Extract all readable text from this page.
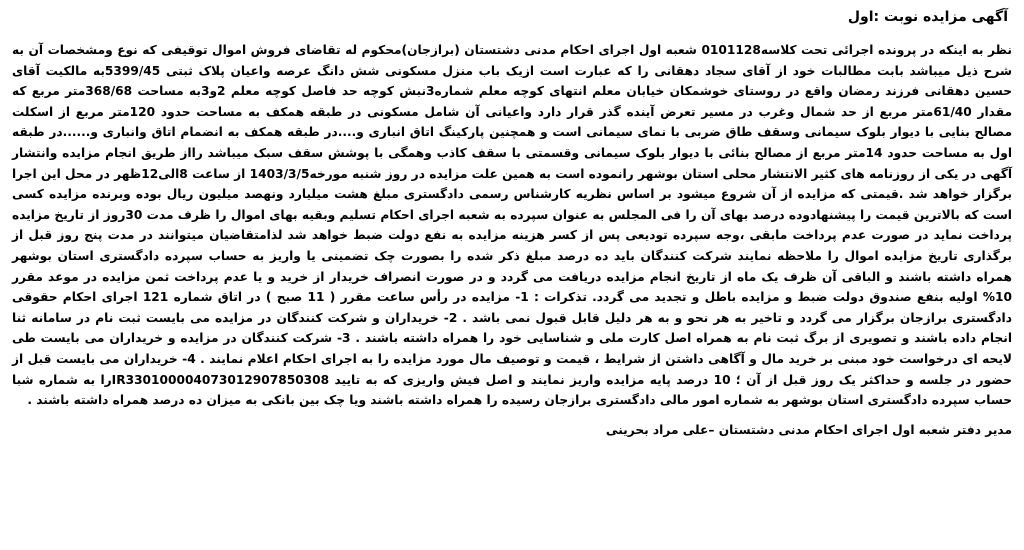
آگهی مزایده نوبت :اول
نظر به اینکه در پرونده اجرائی تحت کلاسه0101128 شعبه اول اجرای احکام مدنی دشتستان (برازجان)محکوم له تقاضای فروش اموال توقیفی که نوع ومشخصات آن به شرح ذیل میباشد بابت مطالبات خود از آقای سجاد دهقانی را که عبارت است ازیک باب منزل مسکونی شش دانگ عرصه واعیان پلاک ثبتی 5399/45به مالکیت آقای حسین دهقانی فرزند رمضان واقع در روستای خوشمکان خیابان معلم انتهای کوچه معلم شماره3نبش کوچه حد فاصل کوچه معلم 2و3به مساحت 368/68متر مربع که مقدار 61/40متر مربع از حد شمال وغرب در مسیر تعرض آینده گذر قرار دارد واعیانی آن شامل مسکونی در طبقه همکف به مساحت حدود 120متر مربع از اسکلت مصالح بنایی با دیوار بلوک سیمانی وسقف طاق ضربی با نمای سیمانی است و همچنین پارکینگ اتاق انباری و....در طبقه همکف به انضمام اتاق وانباری و......در طبقه اول به مساحت حدود 14متر مربع از مصالح بنائی با دیوار بلوک سیمانی وقسمتی با سقف کاذب وهمگی با پوشش سقف سبک میباشد رااز طریق انجام مزایده وانتشار آگهی در یکی از روزنامه های کثیر الانتشار محلی استان بوشهر رانموده است به همین علت مزایده در روز شنبه مورخه1403/3/5 از ساعت 8الی12ظهر در محل این اجرا برگزار خواهد شد .قیمتی که مزایده از آن شروع میشود بر اساس نظریه کارشناس رسمی دادگستری مبلغ هشت میلیارد ونهصد میلیون ریال بوده وبرنده مزایده کسی است که بالاترین قیمت را پیشنهادوده درصد بهای آن را فی المجلس به عنوان سپرده به شعبه اجرای احکام تسلیم وبقیه بهای اموال را ظرف مدت 30روز از تاریخ مزایده پرداخت نماید در صورت عدم پرداخت مابقی ،وجه سپرده تودیعی پس از کسر هزینه مزایده به نفع دولت ضبط خواهد شد لذامتقاضیان میتوانند در مدت پنج روز قبل از برگذاری تاریخ مزایده اموال را ملاحظه نمایند شرکت کنندگان باید ده درصد مبلغ ذکر شده را بصورت چک تضمینی یا واریز به حساب سپرده دادگستری استان بوشهر همراه داشته باشند و الباقی آن ظرف یک ماه از تاریخ انجام مزایده دریافت می گردد و در صورت انصراف خریدار از خرید و یا عدم پرداخت ثمن مزایده در موعد مقرر 10% اولیه بنفع صندوق دولت ضبط و مزایده باطل و تجدید می گردد. تذکرات : 1- مزایده در رأس ساعت مقرر ( 11 صبح ) در اتاق شماره 121 اجرای احکام حقوقی دادگستری برازجان برگزار می گردد و تاخیر به هر نحو و به هر دلیل قابل قبول نمی باشد . 2- خریداران و شرکت کنندگان در مزایده می بایست ثبت نام در سامانه ثنا انجام داده باشند و تصویری از برگ ثبت نام به همراه اصل کارت ملی و شناسایی خود را همراه داشته باشند . 3- شرکت کنندگان در مزایده و خریداران می بایست طی لایحه ای درخواست خود مبنی بر خرید مال و آگاهی داشتن از شرایط ، قیمت و توصیف مال مورد مزایده را به اجرای احکام اعلام نمایند . 4- خریداران می بایست قبل از حضور در جلسه و حداکثر یک روز قبل از آن ؛ 10 درصد پایه مزایده واریز نمایند و اصل فیش واریزی که به تایید IR330100004073012907850308را به شماره شبا حساب سپرده دادگستری استان بوشهر به شماره امور مالی دادگستری برازجان رسیده را همراه داشته باشند ویا چک بین بانکی به میزان ده درصد همراه داشته باشند .
مدیر دفتر شعبه اول اجرای احکام مدنی دشتستان –علی مراد بحرینی
